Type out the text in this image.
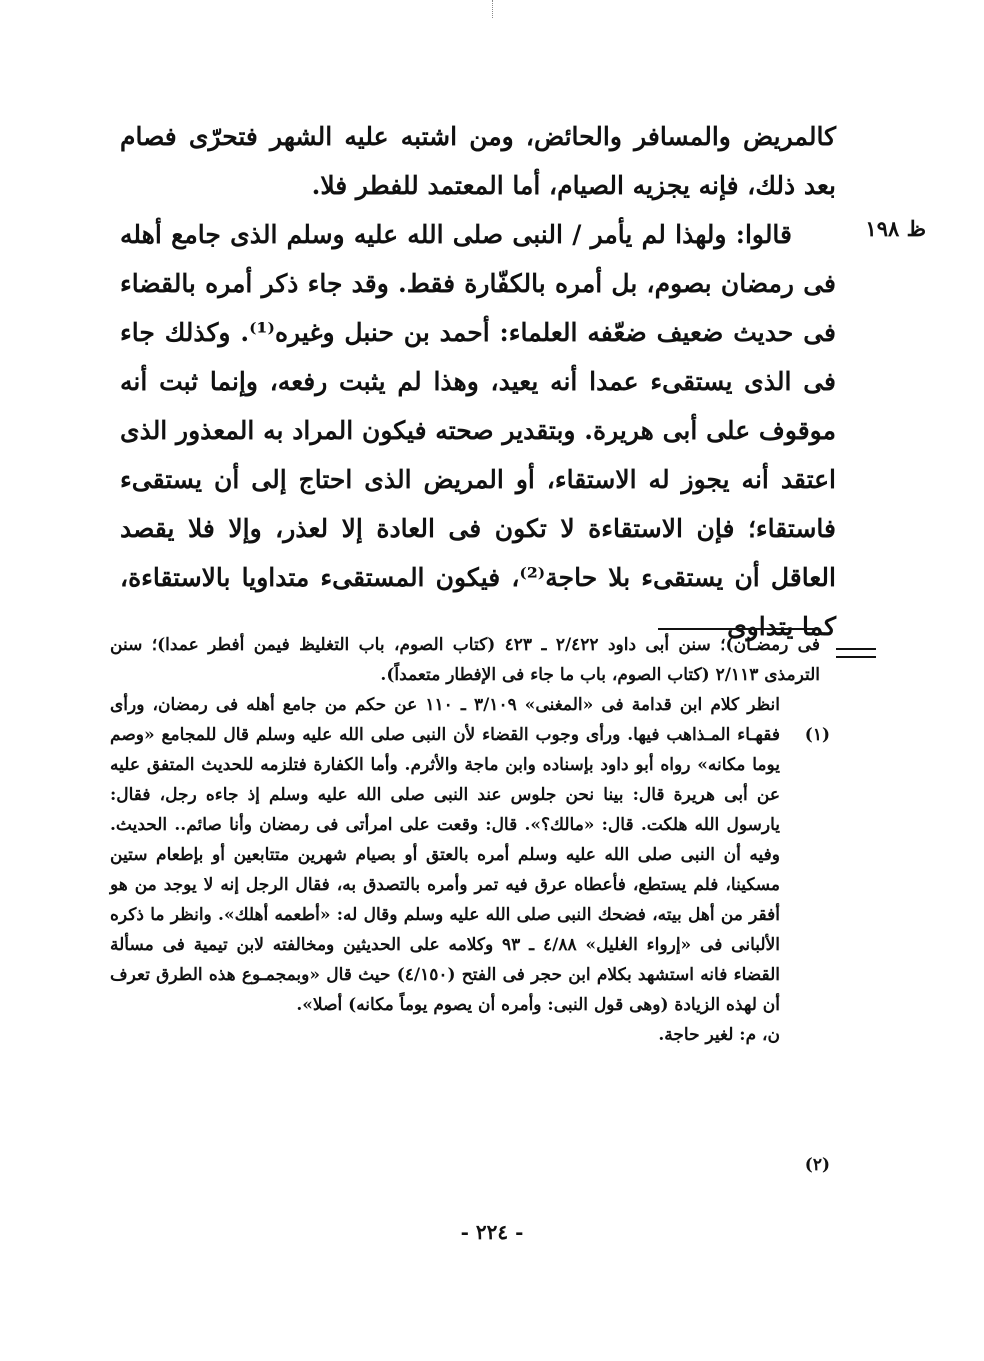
ظ ١٩٨

كالمريض والمسافر والحائض، ومن اشتبه عليه الشهر فتحرّى فصام بعد ذلك، فإنه يجزيه الصيام، أما المعتمد للفطر فلا.

قالوا: ولهذا لم يأمر / النبى صلى الله عليه وسلم الذى جامع أهله فى رمضان بصوم، بل أمره بالكفّارة فقط. وقد جاء ذكر أمره بالقضاء فى حديث ضعيف ضعّفه العلماء: أحمد بن حنبل وغيره⁽¹⁾. وكذلك جاء فى الذى يستقىء عمدا أنه يعيد، وهذا لم يثبت رفعه، وإنما ثبت أنه موقوف على أبى هريرة. وبتقدير صحته فيكون المراد به المعذور الذى اعتقد أنه يجوز له الاستقاء، أو المريض الذى احتاج إلى أن يستقىء فاستقاء؛ فإن الاستقاءة لا تكون فى العادة إلا لعذر، وإلا فلا يقصد العاقل أن يستقىء بلا حاجة⁽²⁾، فيكون المستقىء متداويا بالاستقاءة، كما يتداوى

فى رمضـان)؛ سنن أبى داود ٢/٤٢٢ ـ ٤٢٣ (كتاب الصوم، باب التغليظ فيمن أفطر عمدا)؛ سنن الترمذى ٢/١١٣ (كتاب الصوم، باب ما جاء فى الإفطار متعمداً).

انظر كلام ابن قدامة فى «المغنى» ٣/١٠٩ ـ ١١٠ عن حكم من جامع أهله فى رمضان، ورأى فقهـاء المـذاهب فيها. ورأى وجوب القضاء لأن النبى صلى الله عليه وسلم قال للمجامع «وصم يوما مكانه» رواه أبو داود بإسناده وابن ماجة والأثرم. وأما الكفارة فتلزمه للحديث المتفق عليه عن أبى هريرة قال: بينا نحن جلوس عند النبى صلى الله عليه وسلم إذ جاءه رجل، فقال: يارسول الله هلكت. قال: «مالك؟». قال: وقعت على امرأتى فى رمضان وأنا صائم.. الحديث. وفيه أن النبى صلى الله عليه وسلم أمره بالعتق أو بصيام شهرين متتابعين أو بإطعام ستين مسكينا، فلم يستطع، فأعطاه عرق فيه تمر وأمره بالتصدق به، فقال الرجل إنه لا يوجد من هو أفقر من أهل بيته، فضحك النبى صلى الله عليه وسلم وقال له: «أطعمه أهلك». وانظر ما ذكره الألبانى فى «إرواء الغليل» ٤/٨٨ ـ ٩٣ وكلامه على الحديثين ومخالفته لابن تيمية فى مسألة القضاء فانه استشهد بكلام ابن حجر فى الفتح (٤/١٥٠) حيث قال «وبمجمـوع هذه الطرق تعرف أن لهذه الزيادة (وهى قول النبى: وأمره أن يصوم يوماً مكانه) أصلا».

ن، م: لغير حاجة.

(١)
(٢)
- ٢٢٤ -
